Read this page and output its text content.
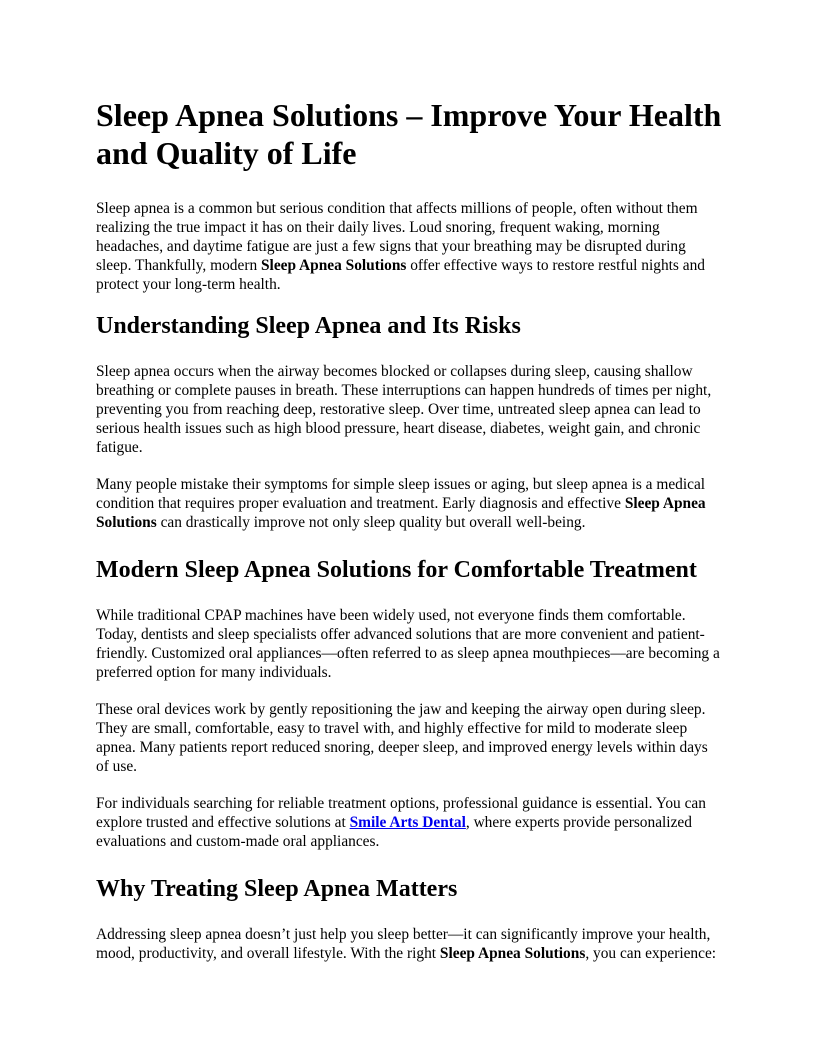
Sleep Apnea Solutions – Improve Your Health and Quality of Life

Sleep apnea is a common but serious condition that affects millions of people, often without them realizing the true impact it has on their daily lives. Loud snoring, frequent waking, morning headaches, and daytime fatigue are just a few signs that your breathing may be disrupted during sleep. Thankfully, modern Sleep Apnea Solutions offer effective ways to restore restful nights and protect your long-term health.

Understanding Sleep Apnea and Its Risks

Sleep apnea occurs when the airway becomes blocked or collapses during sleep, causing shallow breathing or complete pauses in breath. These interruptions can happen hundreds of times per night, preventing you from reaching deep, restorative sleep. Over time, untreated sleep apnea can lead to serious health issues such as high blood pressure, heart disease, diabetes, weight gain, and chronic fatigue.

Many people mistake their symptoms for simple sleep issues or aging, but sleep apnea is a medical condition that requires proper evaluation and treatment. Early diagnosis and effective Sleep Apnea Solutions can drastically improve not only sleep quality but overall well-being.

Modern Sleep Apnea Solutions for Comfortable Treatment

While traditional CPAP machines have been widely used, not everyone finds them comfortable. Today, dentists and sleep specialists offer advanced solutions that are more convenient and patient-friendly. Customized oral appliances—often referred to as sleep apnea mouthpieces—are becoming a preferred option for many individuals.

These oral devices work by gently repositioning the jaw and keeping the airway open during sleep. They are small, comfortable, easy to travel with, and highly effective for mild to moderate sleep apnea. Many patients report reduced snoring, deeper sleep, and improved energy levels within days of use.

For individuals searching for reliable treatment options, professional guidance is essential. You can explore trusted and effective solutions at Smile Arts Dental, where experts provide personalized evaluations and custom-made oral appliances.

Why Treating Sleep Apnea Matters

Addressing sleep apnea doesn’t just help you sleep better—it can significantly improve your health, mood, productivity, and overall lifestyle. With the right Sleep Apnea Solutions, you can experience:
